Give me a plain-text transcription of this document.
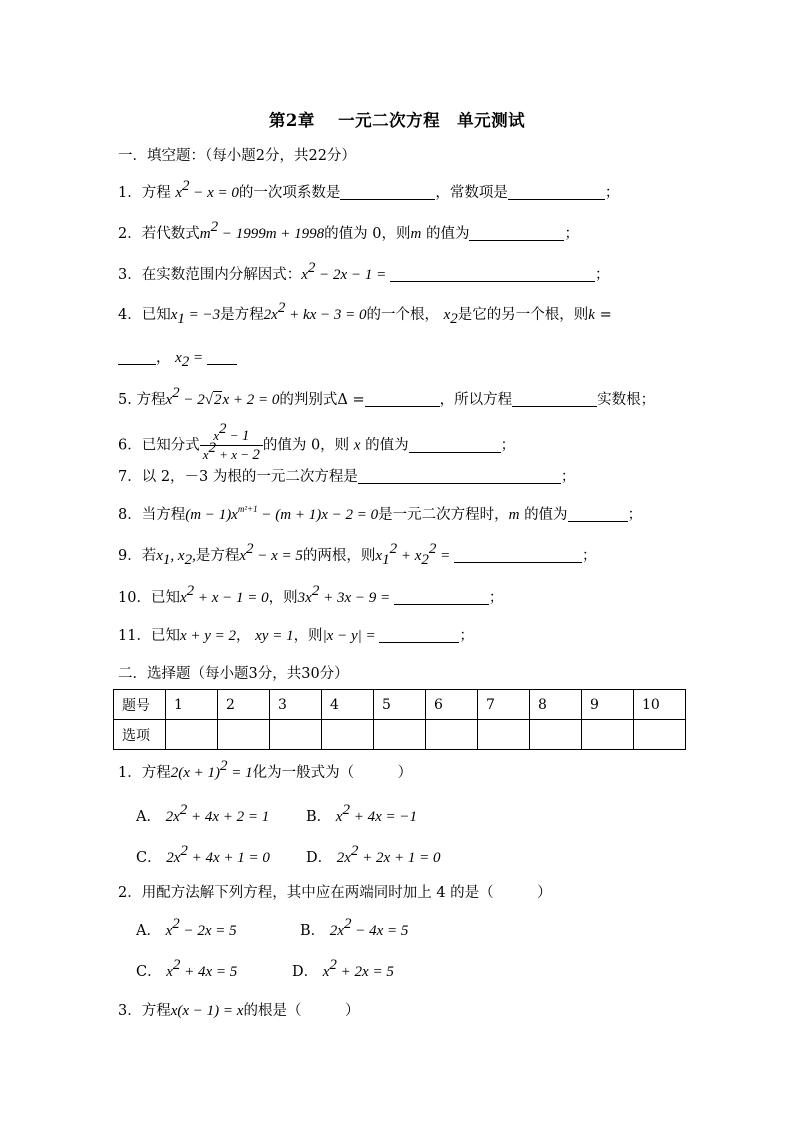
第2章　 一元二次方程　单元测试
一．填空题：（每小题2分，共22分）
1．方程 $x^2 - x = 0$的一次项系数是	，常数项是	；
2．若代数式$m^2 - 1999m + 1998$的值为 0，则m 的值为	；
3．在实数范围内分解因式：$x^2 - 2x - 1$ =	；
4．已知$x_1 = -3$是方程$2x^2$ + kx − 3 = 0的一个根， $x_2$是它的另一个根，则k =
， $x_2$ =
5. 方程$x^2 - 2√2x + 2 = 0$的判别式Δ =	，所以方程	实数根；
6．已知分式 $\frac{x^2 - 1}{x^2 + x - 2}$ 的值为 0，则 x 的值为	；
7．以 2，－3 为根的一元二次方程是	；
8．当方程$(m - 1)x^{m^2+1} - (m + 1)x - 2 = 0$是一元二次方程时，m 的值为	；
9．若$x_1$, $x_2$,是方程$x^2 - x = 5$的两根，则$x_1^2 + x_2^2$ =	；
10．已知$x^2 + x - 1 = 0$，则$3x^2 + 3x - 9$ =	；
11．已知x + y = 2， xy = 1，则|x − y| =	；
二．选择题（每小题3分，共30分）
题号	1	2	3	4	5	6	7	8	9	10
选项										
1．方程$2(x + 1)^2 = 1$化为一般式为（　　　）
A． $2x^2 + 4x + 2 = 1$	B． $x^2 + 4x = -1$
C． $2x^2 + 4x + 1 = 0$ D． $2x^2 + 2x + 1 = 0$
2．用配方法解下列方程，其中应在两端同时加上 4 的是（　　　）
A． $x^2 - 2x = 5$	B． $2x^2 - 4x = 5$
C． $x^2 + 4x = 5$	D． $x^2 + 2x = 5$
3．方程x(x − 1) = x的根是（　　　）
